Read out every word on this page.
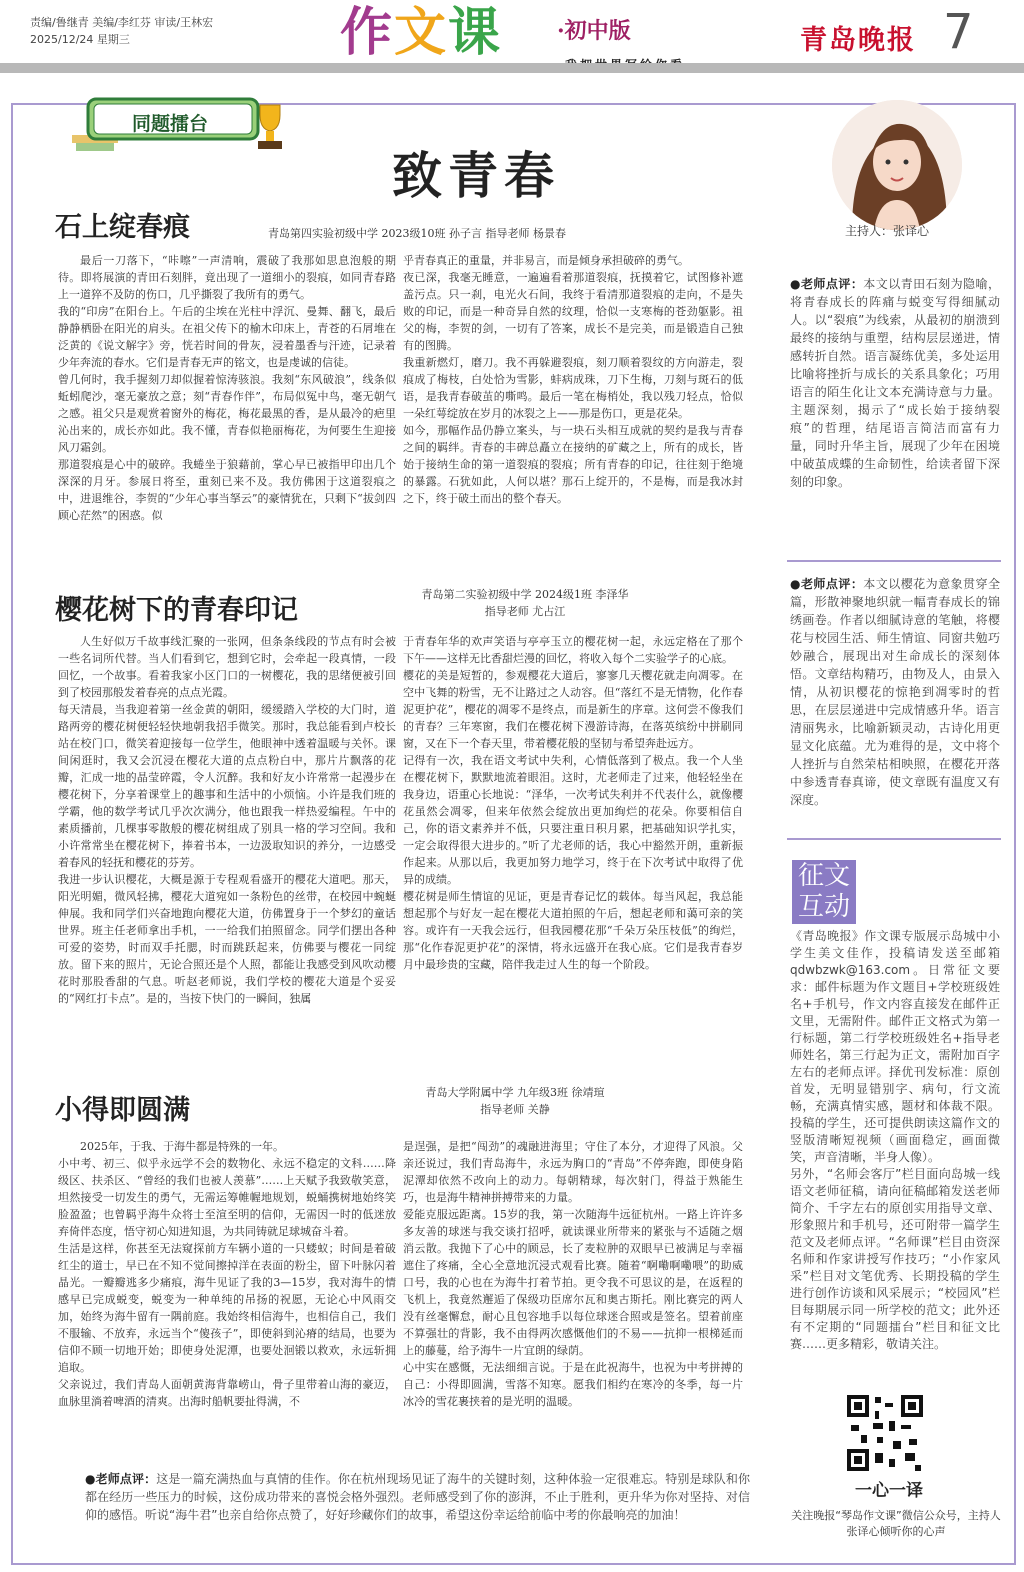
责编/鲁继青 美编/李红芬 审读/王林宏
2025/12/24 星期三	作文课 ·初中版	青岛晚报 7
同题擂台
致青春
主持人：张译心
石上绽春痕	青岛第四实验初级中学 2023级10班 孙子言 指导老师 杨景春
最后一刀落下，“咔嚓”一声清响，震破了我那如思息泡般的期待。即将展演的青田石刻胖，竟出现了一道细小的裂痕，如同青春路上一道猝不及防的伤口，几乎撕裂了我所有的勇气。
我的“印房”在阳台上。午后的尘埃在光柱中浮沉、曼舞、翻飞，最后静静栖卧在阳光的肩头。在祖父传下的榆木印床上，青苍的石屑堆在泛黄的《说文解字》旁，恍若时间的骨灰，浸着墨香与汗迹，记录着少年奔流的春水。它们是青春无声的铭文，也是虔诚的信徒。
曾几何时，我手握刻刀却似握着惊涛骇浪。我刻“东风破浪”，线条似蚯蚓爬沙，毫无豪放之意；刻“青春作伴”，布局似冤中鸟，毫无朝气之感。祖父只是观赏着窗外的梅花，梅花最黑的香，是从最冷的疤里沁出来的，成长亦如此。我不懂，青春似艳丽梅花，为何要生生迎接风刀霜剑。
那道裂痕是心中的破碎。我蜷坐于狼藉前，掌心早已被指甲印出几个深深的月牙。参展日将至，重刻已来不及。我仿佛困于这道裂痕之中，进退维谷，李贺的“少年心事当拏云”的豪情犹在，只剩下“拔剑四顾心茫然”的困惑。似
乎青春真正的重量，并非易言，而是倾身承担破碎的勇气。
夜已深，我毫无睡意，一遍遍看着那道裂痕，抚摸着它，试图修补遮盖污点。只一刹，电光火石间，我终于看清那道裂痕的走向，不是失败的印记，而是一种奇异自然的纹理，恰似一支寒梅的苍劲躯影。祖父的梅，李贺的剑，一切有了答案，成长不是完美，而是锻造自己独有的图腾。
我重新燃灯，磨刀。我不再躲避裂痕，刻刀顺着裂纹的方向游走，裂痕成了梅枝，白处恰为雪影，蚌病成珠，刀下生梅，刀刻与斑石的低语，是我青春破茧的嘶鸣。最后一笔在梅梢处，我以残刀轻点，恰似一朵红萼绽放在岁月的冰裂之上——那是伤口，更是花朵。
如今，那幅作品仍静立案头，与一块石头相互成就的契约是我与青春之间的羁绊。青春的丰碑总矗立在接纳的矿藏之上，所有的成长，皆始于接纳生命的第一道裂痕的裂痕；所有青春的印记，往往刻于绝境的暴露。石犹如此，人何以堪？那石上绽开的，不是梅，而是我冰封之下，终于破土而出的整个春天。
●老师点评：本文以青田石刻为隐喻，将青春成长的阵痛与蜕变写得细腻动人。以“裂痕”为线索，从最初的崩溃到最终的接纳与重塑，结构层层递进，情感转折自然。语言凝练优美，多处运用比喻将挫折与成长的关系具象化；巧用语言的陌生化让文本充满诗意与力量。主题深刻，揭示了“成长始于接纳裂痕”的哲理，结尾语言简洁而富有力量，同时升华主旨，展现了少年在困境中破茧成蝶的生命韧性，给读者留下深刻的印象。
樱花树下的青春印记
青岛第二实验初级中学 2024级1班 李泽华
指导老师 尤占江
人生好似万千故事线汇聚的一张网，但条条线段的节点有时会被一些名词所代替。当人们看到它，想到它时，会牵起一段真情，一段回忆，一个故事。看着我家小区门口的一树樱花，我的思绪便被引回到了校园那般发着春亮的点点光霞。
每天清晨，当我迎着第一丝金黄的朝阳，缓缓踏入学校的大门时，道路两旁的樱花树便轻轻快地朝我招手微笑。那时，我总能看到卢校长站在校门口，微笑着迎接每一位学生，他眼神中透着温暖与关怀。课间闲逛时，我又会沉浸在樱花大道的点点粉白中，那片片飘落的花瓣，汇成一地的晶莹碎霞，令人沉醉。我和好友小许常常一起漫步在樱花树下，分享着课堂上的趣事和生活中的小烦恼。小许是我们班的学霸，他的数学考试几乎次次满分，他也跟我一样热爱编程。午中的素质播前，几棵事零散般的樱花树组成了别具一格的学习空间。我和小许常常坐在樱花树下，捧着书本，一边汲取知识的养分，一边感受着春风的轻抚和樱花的芬芳。
我进一步认识樱花，大概是源于专程观看盛开的樱花大道吧。那天，阳光明媚，微风轻拂，樱花大道宛如一条粉色的丝带，在校园中蜿蜒伸展。我和同学们兴奋地跑向樱花大道，仿佛置身于一个梦幻的童话世界。班主任老师拿出手机，一一给我们拍照留念。同学们摆出各种可爱的姿势，时而双手托腮，时而跳跃起来，仿佛要与樱花一同绽放。留下来的照片，无论合照还是个人照，都能让我感受到风吹动樱花时那股香甜的气息。听赵老师说，我们学校的樱花大道是个妥妥的“网红打卡点”。是的，当按下快门的一瞬间，独属
于青春年华的欢声笑语与亭亭玉立的樱花树一起，永远定格在了那个下午——这样无比香甜烂漫的回忆，将收入每个二实验学子的心底。
樱花的美是短暂的，参观樱花大道后，寥寥几天樱花就走向凋零。在空中飞舞的粉雪，无不让路过之人动容。但“落红不是无情物，化作春泥更护花”，樱花的凋零不是终点，而是新生的序章。这何尝不像我们的青春？三年寒窗，我们在樱花树下漫游诗海，在落英缤纷中拼刷同窗，又在下一个春天里，带着樱花般的坚韧与希望奔赴远方。
记得有一次，我在语文考试中失利，心情低落到了极点。我一个人坐在樱花树下，默默地流着眼泪。这时，尤老师走了过来，他轻轻坐在我身边，语重心长地说：“泽华，一次考试失利并不代表什么，就像樱花虽然会凋零，但来年依然会绽放出更加绚烂的花朵。你要相信自己，你的语文素养并不低，只要注重日积月累，把基础知识学扎实，一定会取得很大进步的。”听了尤老师的话，我心中豁然开朗，重新振作起来。从那以后，我更加努力地学习，终于在下次考试中取得了优异的成绩。
樱花树是师生情谊的见证，更是青春记忆的载体。每当风起，我总能想起那个与好友一起在樱花大道拍照的午后，想起老师和蔼可亲的笑容。或许有一天我会远行，但我园樱花那“千朵万朵压枝低”的绚烂，那“化作春泥更护花”的深情，将永远盛开在我心底。它们是我青春岁月中最珍贵的宝藏，陪伴我走过人生的每一个阶段。
●老师点评：本文以樱花为意象贯穿全篇，形散神聚地织就一幅青春成长的锦绣画卷。作者以细腻诗意的笔触，将樱花与校园生活、师生情谊、同窗共勉巧妙融合，展现出对生命成长的深刻体悟。文章结构精巧，由物及人，由景入情，从初识樱花的惊艳到凋零时的哲思，在层层递进中完成情感升华。语言清丽隽永，比喻新颖灵动，古诗化用更显文化底蕴。尤为难得的是，文中将个人挫折与自然荣枯相映照，在樱花开落中参透青春真谛，使文章既有温度又有深度。
征文互动
《青岛晚报》作文课专版展示岛城中小学生美文佳作，投稿请发送至邮箱qdwbzwk@163.com。日常征文要求：邮件标题为作文题目+学校班级姓名+手机号，作文内容直接发在邮件正文里，无需附件。邮件正文格式为第一行标题，第二行学校班级姓名+指导老师姓名，第三行起为正文，需附加百字左右的老师点评。择优刊发标准：原创首发，无明显错别字、病句，行文流畅，充满真情实感，题材和体裁不限。投稿的学生，还可提供朗读这篇作文的竖版清晰短视频（画面稳定，画面微笑，声音清晰，半身人像）。
另外，“名师会客厅”栏目面向岛城一线语文老师征稿，请向征稿邮箱发送老师简介、千字左右的原创实用指导文章、形象照片和手机号，还可附带一篇学生范文及老师点评。“名师课”栏目由资深名师和作家讲授写作技巧；“小作家风采”栏目对文笔优秀、长期投稿的学生进行创作访谈和风采展示；“校园风”栏目每期展示同一所学校的范文；此外还有不定期的“同题擂台”栏目和征文比赛……更多精彩，敬请关注。
小得即圆满
青岛大学附属中学 九年级3班 徐靖瑄
指导老师 关静
2025年，于我、于海牛都是特殊的一年。
小中考、初三、似乎永远学不会的数物化、永远不稳定的文科……降级区、扶杀区、“曾经的我们也被人羡慕”……上天赋予我致敬笑意，坦然接受一切发生的勇气，无需运筹帷幄地规划，蜕蛹携树地始终笑脸盈盈；也曾羁乎海牛众将士至渲至明的信仰，无需因一时的低迷放弃倚伴态度，悟守初心知进知退，为共同铸就足球城奋斗着。
生活是这样，你甚至无法窥探前方车辆小道的一只蝼蚁；时间是着破红尘的道士，早已在不知不觉间擦掉洋在表面的粉尘，留下叶脉闪着晶光。一瓣瓣逃多少痛痕，海牛见证了我的3—15岁，我对海牛的情感早已完成蜕变，蜕变为一种单纯的吊扬的祝愿，无论心中风雨交加，始终为海牛留有一隅前庭。我始终相信海牛，也相信自己，我们不服输、不放弃，永远当个“傻孩子”，即使斜到沁瘠的结局，也要为信仰不顾一切地开始；即使身处泥潭，也要处洄锻以救欢，永远斩拥追取。
父亲说过，我们青岛人面朝黄海背靠崂山，骨子里带着山海的豪迈，血脉里淌着啤酒的清爽。出海时船帆要扯得满，不
是逞强，是把“闯劲”的魂融进海里；守住了本分，才迎得了风浪。父亲还说过，我们青岛海牛，永远为胸口的“青岛”不停奔跑，即使身陷泥潭却依然不改向上的动力。每朝精球，每次射门，得益于熟能生巧，也是海牛精神拼搏带来的力量。
爱能克服远距离。15岁的我，第一次随海牛远征杭州。一路上许许多多友善的球迷与我交谈打招呼，就读课业所带来的紧张与不适随之烟消云散。我抛下了心中的顾忌，长了麦粒肿的双眼早已被满足与幸福遮住了疼痛，全心全意地沉浸式观看比赛。随着“啊嘞啊嘞喂”的助威口号，我的心也在为海牛打着节拍。更令我不可思议的是，在返程的飞机上，我竟然邂逅了保级功臣席尔瓦和奥古斯托。刚比赛完的两人没有丝毫懈怠，耐心且包容地手以每位球迷合照或是签名。望着前座不算强壮的背影，我不由得两次感慨他们的不易——抗抑一根梯延而上的藤蔓，给予海牛一片宜朗的绿荫。
心中实在感慨，无法细细言说。于是在此祝海牛，也祝为中考拼搏的自己：小得即圆满，雪落不知寒。愿我们相约在寒冷的冬季，每一片冰冷的雪花裹挟着的是光明的温暖。
●老师点评：这是一篇充满热血与真情的佳作。你在杭州现场见证了海牛的关键时刻，这种体验一定很难忘。特别是球队和你都在经历一些压力的时候，这份成功带来的喜悦会格外强烈。老师感受到了你的澎湃，不止于胜利，更升华为你对坚持、对信仰的感悟。听说“海牛君”也亲自给你点赞了，好好珍藏你们的故事，希望这份幸运给前临中考的你最响亮的加油！
一心一译
关注晚报“琴岛作文课”微信公众号，主持人张译心倾听你的心声
